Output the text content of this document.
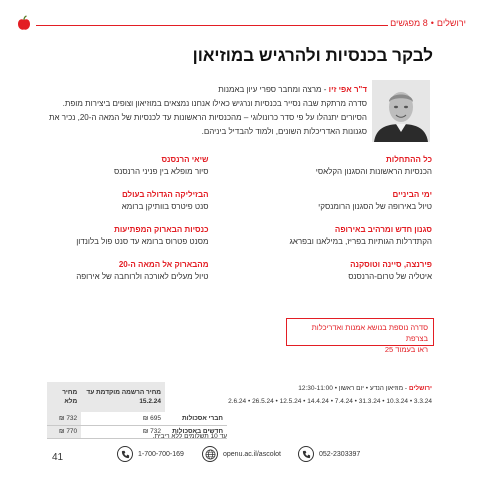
ירושלים•8 מפגשים
לבקר בכנסיות ולהרגיש במוזיאון
ד"ר אפי זיו - מרצה ומחבר ספרי עיון באמנות
סדרה מרתקת שבה נסייר בכנסיות ונרגיש כאילו אנחנו נמצאים במוזיאון וצופים ביצירות מופת. הסיורים יתנהלו על פי סדר כרונולוגי – מהכנסיות הראשונות עד לכנסיות של המאה ה-20, נכיר את סגנונות האדריכלות השונים, ולמוד להבדיל ביניהם.
כל ההתחלות
הכנסיות הראשונות והסגנון הקלאסי
שיאי הרנסנס
סיור מופלא בין פניני הרנסנס
ימי הביניים
טיול באירופה של הסגנון הרומנסקי
הבזיליקה הגדולה בעולם
סנט פיטרס בוותיקן ברומא
סגנון חדש ומרהיב באירופה
הקתדרלות הגותיות בפריז, במילאנו ובפראג
כנסיות הבארוק המפתיעות
מסנט פטרוס ברומא עד סנט פול בלונדון
פירנצה, סיינה וטוסקנה
איטליה של טרום-הרנסנס
מהבארוק אל המאה ה-20
טיול מעלים לאורכה ולרוחבה של אירופה
סדרה נוספת בנושא אמנות ואדריכלות בצרפת
ראו בעמוד 25
ירושלים - מוזיאון הנדע • יום ראשון • 12:30-11:00
3.3.24 • 10.3.24 • 31.3.24 • 7.4.24 • 14.4.24 • 12.5.24 • 26.5.24 • 2.6.24
	מחיר הרשמה מוקדמת עד 15.2.24	מחיר מלא
חברי אסכולות	695 ₪	732 ₪
חדשים באסכולות	732 ₪	770 ₪
עד 10 תשלומים ללא ריבית.
41	1-700-700-169	openu.ac.il/ascolot	052-2303397
